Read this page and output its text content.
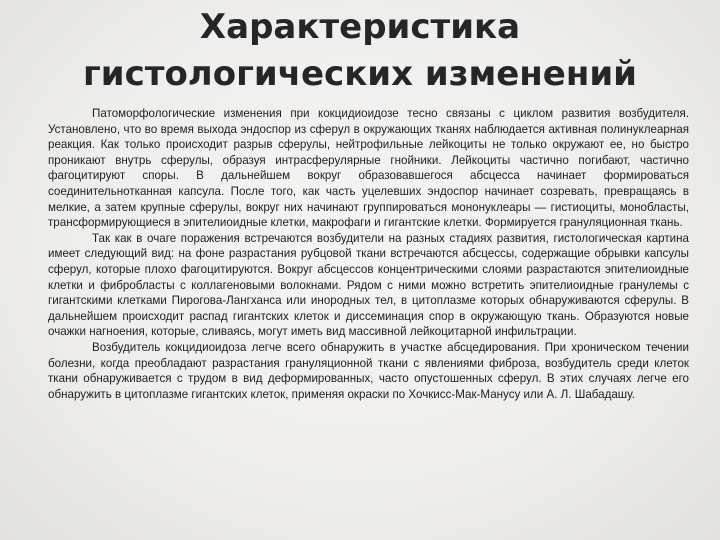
Характеристика гистологических изменений

Патоморфологические изменения при кокцидиоидозе тесно связаны с циклом развития возбудителя. Установлено, что во время выхода эндоспор из сферул в окружающих тканях наблюдается активная полинуклеарная реакция. Как только происходит разрыв сферулы, нейтрофильные лейкоциты не только окружают ее, но быстро проникают внутрь сферулы, образуя интрасферулярные гнойники. Лейкоциты частично погибают, частично фагоцитируют споры. В дальнейшем вокруг образовавшегося абсцесса начинает формироваться соединительнотканная капсула. После того, как часть уцелевших эндоспор начинает созревать, превращаясь в мелкие, а затем крупные сферулы, вокруг них начинают группироваться мононуклеары — гистиоциты, монобласты, трансформирующиеся в эпителиоидные клетки, макрофаги и гигантские клетки. Формируется грануляционная ткань.

Так как в очаге поражения встречаются возбудители на разных стадиях развития, гистологическая картина имеет следующий вид: на фоне разрастания рубцовой ткани встречаются абсцессы, содержащие обрывки капсулы сферул, которые плохо фагоцитируются. Вокруг абсцессов концентрическими слоями разрастаются эпителиоидные клетки и фибробласты с коллагеновыми волокнами. Рядом с ними можно встретить эпителиоидные гранулемы с гигантскими клетками Пирогова-Лангханса или инородных тел, в цитоплазме которых обнаруживаются сферулы. В дальнейшем происходит распад гигантских клеток и диссеминация спор в окружающую ткань. Образуются новые очажки нагноения, которые, сливаясь, могут иметь вид массивной лейкоцитарной инфильтрации.

Возбудитель кокцидиоидоза легче всего обнаружить в участке абсцедирования. При хроническом течении болезни, когда преобладают разрастания грануляционной ткани с явлениями фиброза, возбудитель среди клеток ткани обнаруживается с трудом в вид деформированных, часто опустошенных сферул. В этих случаях легче его обнаружить в цитоплазме гигантских клеток, применяя окраски по Хочкисс-Мак-Манусу или А. Л. Шабадашу.
